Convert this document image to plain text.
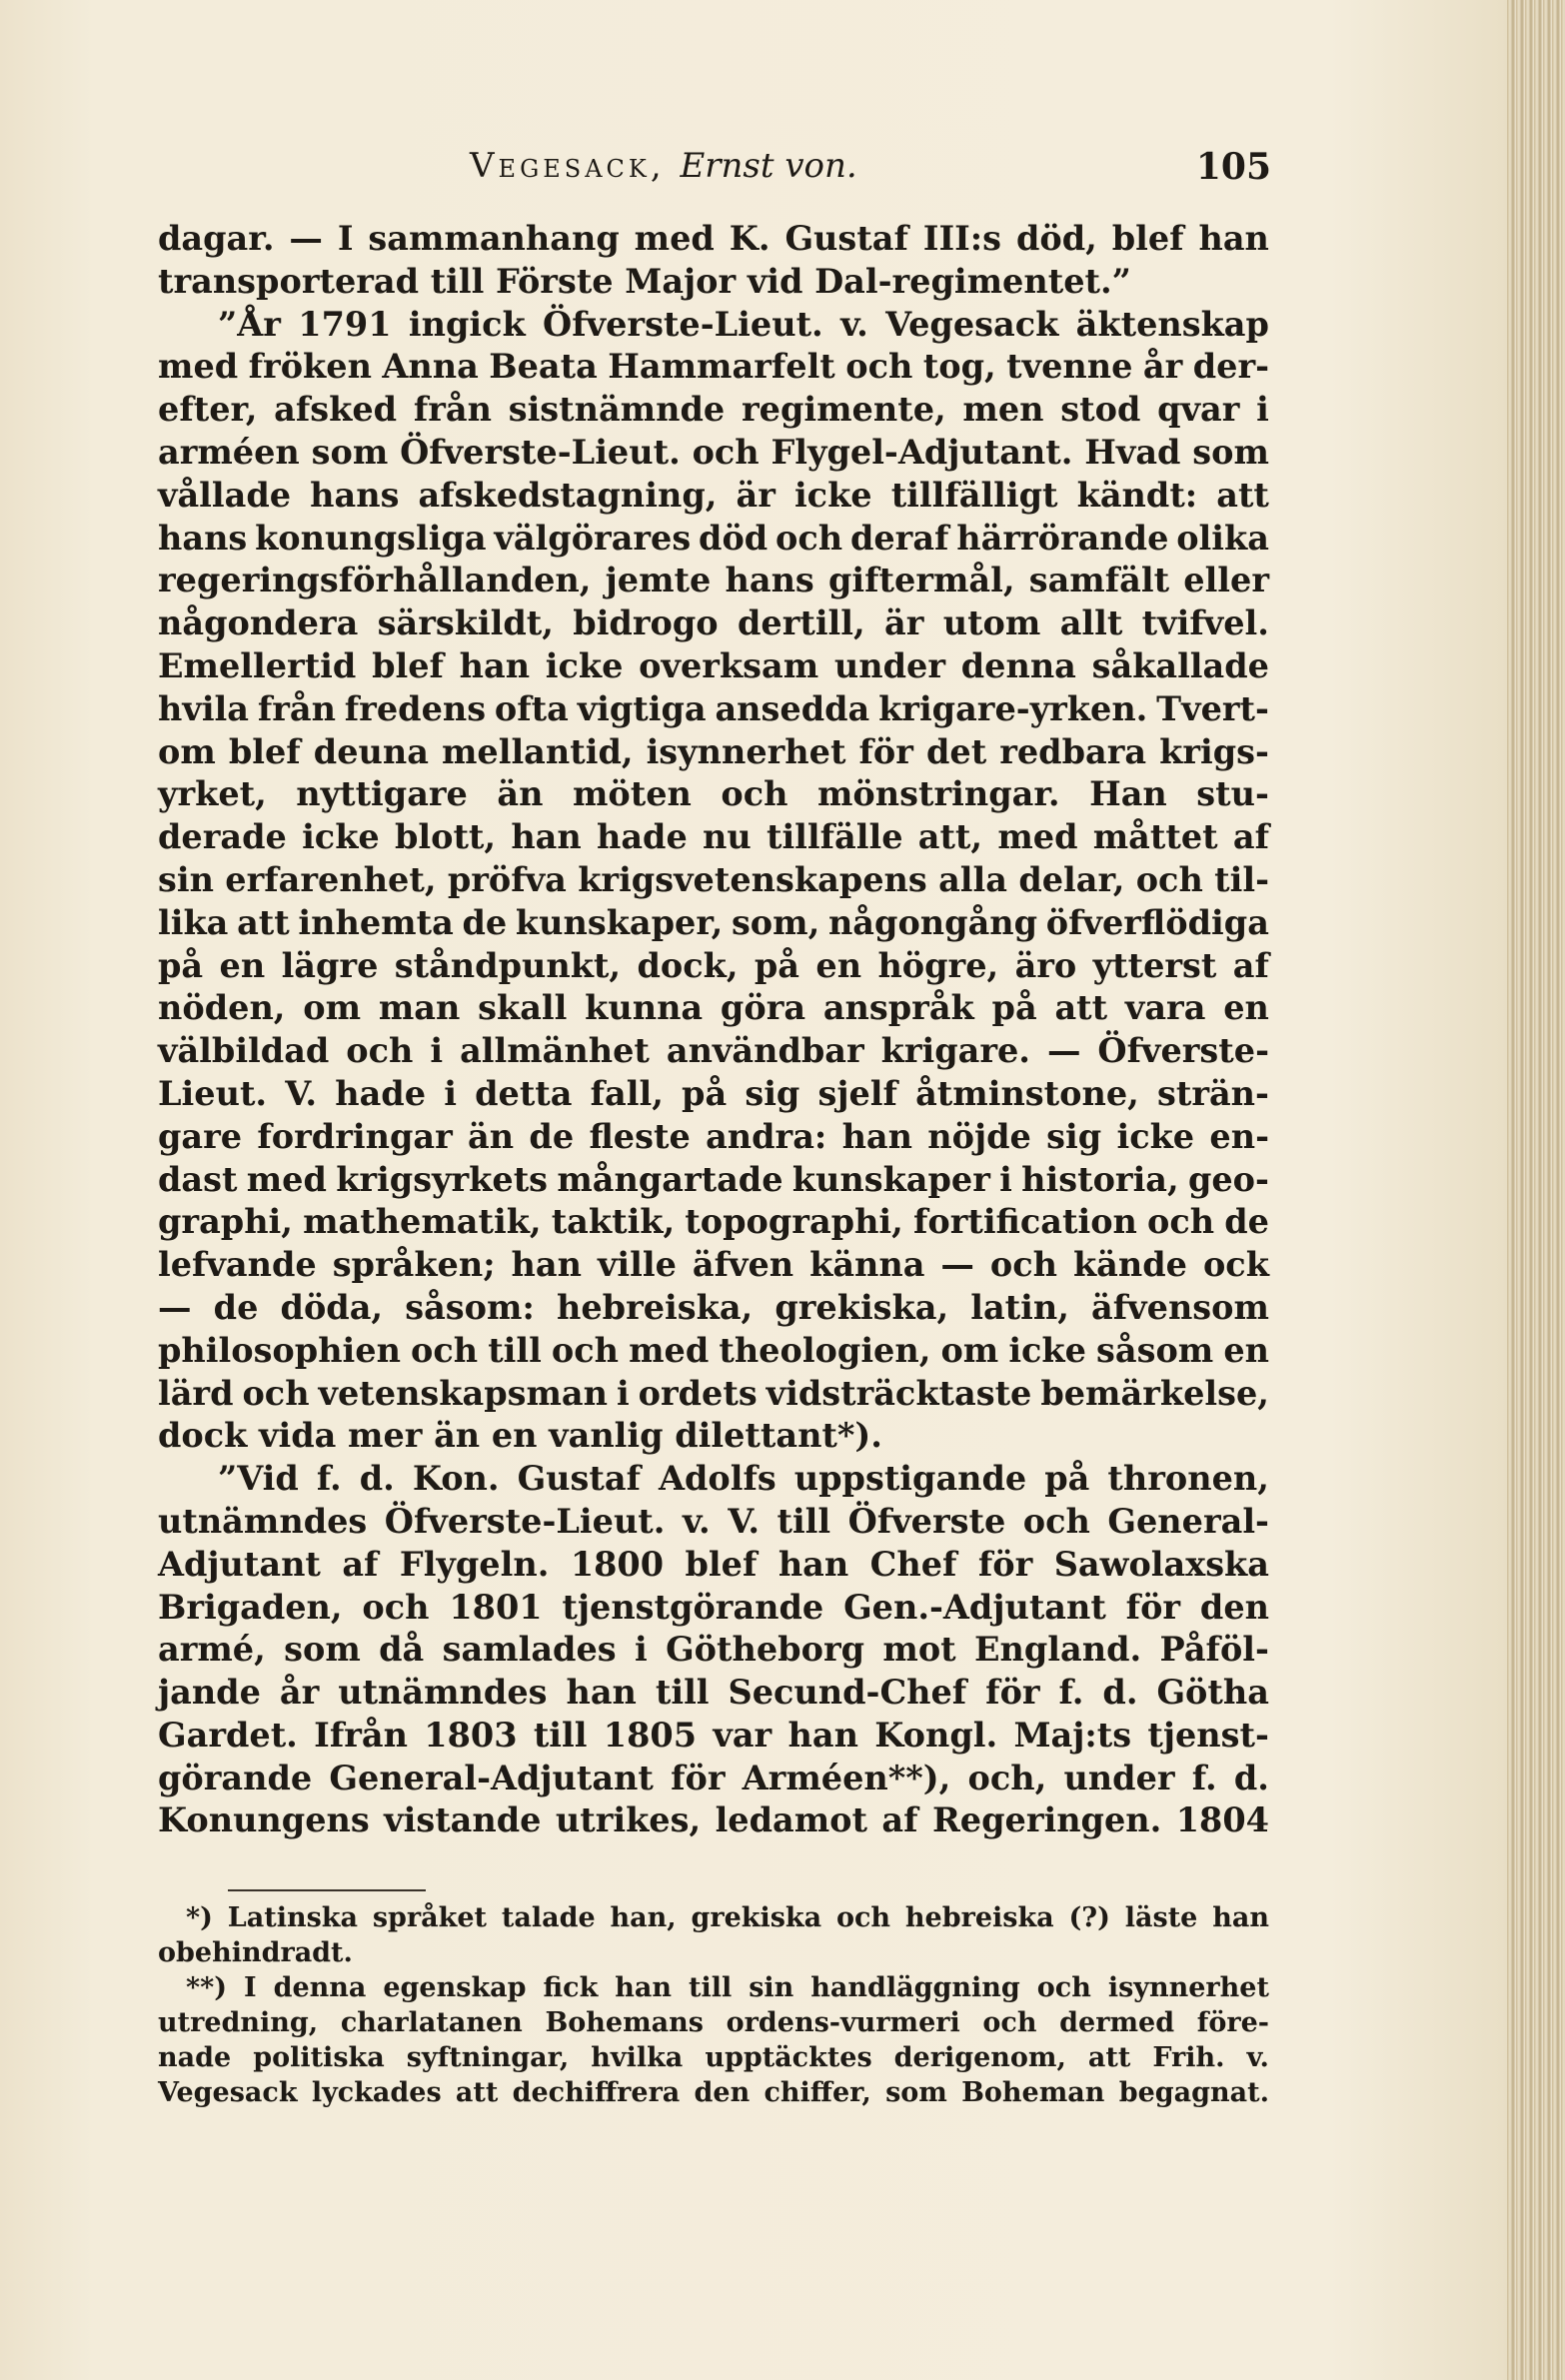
Vegesack, Ernst von.	105
dagar. — I sammanhang med K. Gustaf III:s död, blef han
transporterad till Förste Major vid Dal-regimentet.”
”År 1791 ingick Öfverste-Lieut. v. Vegesack äktenskap
med fröken Anna Beata Hammarfelt och tog, tvenne år der-
efter, afsked från sistnämnde regimente, men stod qvar i
arméen som Öfverste-Lieut. och Flygel-Adjutant. Hvad som
vållade hans afskedstagning, är icke tillfälligt kändt: att
hans konungsliga välgörares död och deraf härrörande olika
regeringsförhållanden, jemte hans giftermål, samfält eller
någondera särskildt, bidrogo dertill, är utom allt tvifvel.
Emellertid blef han icke overksam under denna såkallade
hvila från fredens ofta vigtiga ansedda krigare-yrken. Tvert-
om blef deuna mellantid, isynnerhet för det redbara krigs-
yrket, nyttigare än möten och mönstringar. Han stu-
derade icke blott, han hade nu tillfälle att, med måttet af
sin erfarenhet, pröfva krigsvetenskapens alla delar, och til-
lika att inhemta de kunskaper, som, någongång öfverflödiga
på en lägre ståndpunkt, dock, på en högre, äro ytterst af
nöden, om man skall kunna göra anspråk på att vara en
välbildad och i allmänhet användbar krigare. — Öfverste-
Lieut. V. hade i detta fall, på sig sjelf åtminstone, strän-
gare fordringar än de fleste andra: han nöjde sig icke en-
dast med krigsyrkets mångartade kunskaper i historia, geo-
graphi, mathematik, taktik, topographi, fortification och de
lefvande språken; han ville äfven känna — och kände ock
— de döda, såsom: hebreiska, grekiska, latin, äfvensom
philosophien och till och med theologien, om icke såsom en
lärd och vetenskapsman i ordets vidsträcktaste bemärkelse,
dock vida mer än en vanlig dilettant*).
”Vid f. d. Kon. Gustaf Adolfs uppstigande på thronen,
utnämndes Öfverste-Lieut. v. V. till Öfverste och General-
Adjutant af Flygeln. 1800 blef han Chef för Sawolaxska
Brigaden, och 1801 tjenstgörande Gen.-Adjutant för den
armé, som då samlades i Götheborg mot England. Påföl-
jande år utnämndes han till Secund-Chef för f. d. Götha
Gardet. Ifrån 1803 till 1805 var han Kongl. Maj:ts tjenst-
görande General-Adjutant för Arméen**), och, under f. d.
Konungens vistande utrikes, ledamot af Regeringen. 1804
*) Latinska språket talade han, grekiska och hebreiska (?) läste han
obehindradt.
**) I denna egenskap fick han till sin handläggning och isynnerhet
utredning, charlatanen Bohemans ordens-vurmeri och dermed före-
nade politiska syftningar, hvilka upptäcktes derigenom, att Frih. v.
Vegesack lyckades att dechiffrera den chiffer, som Boheman begagnat.
